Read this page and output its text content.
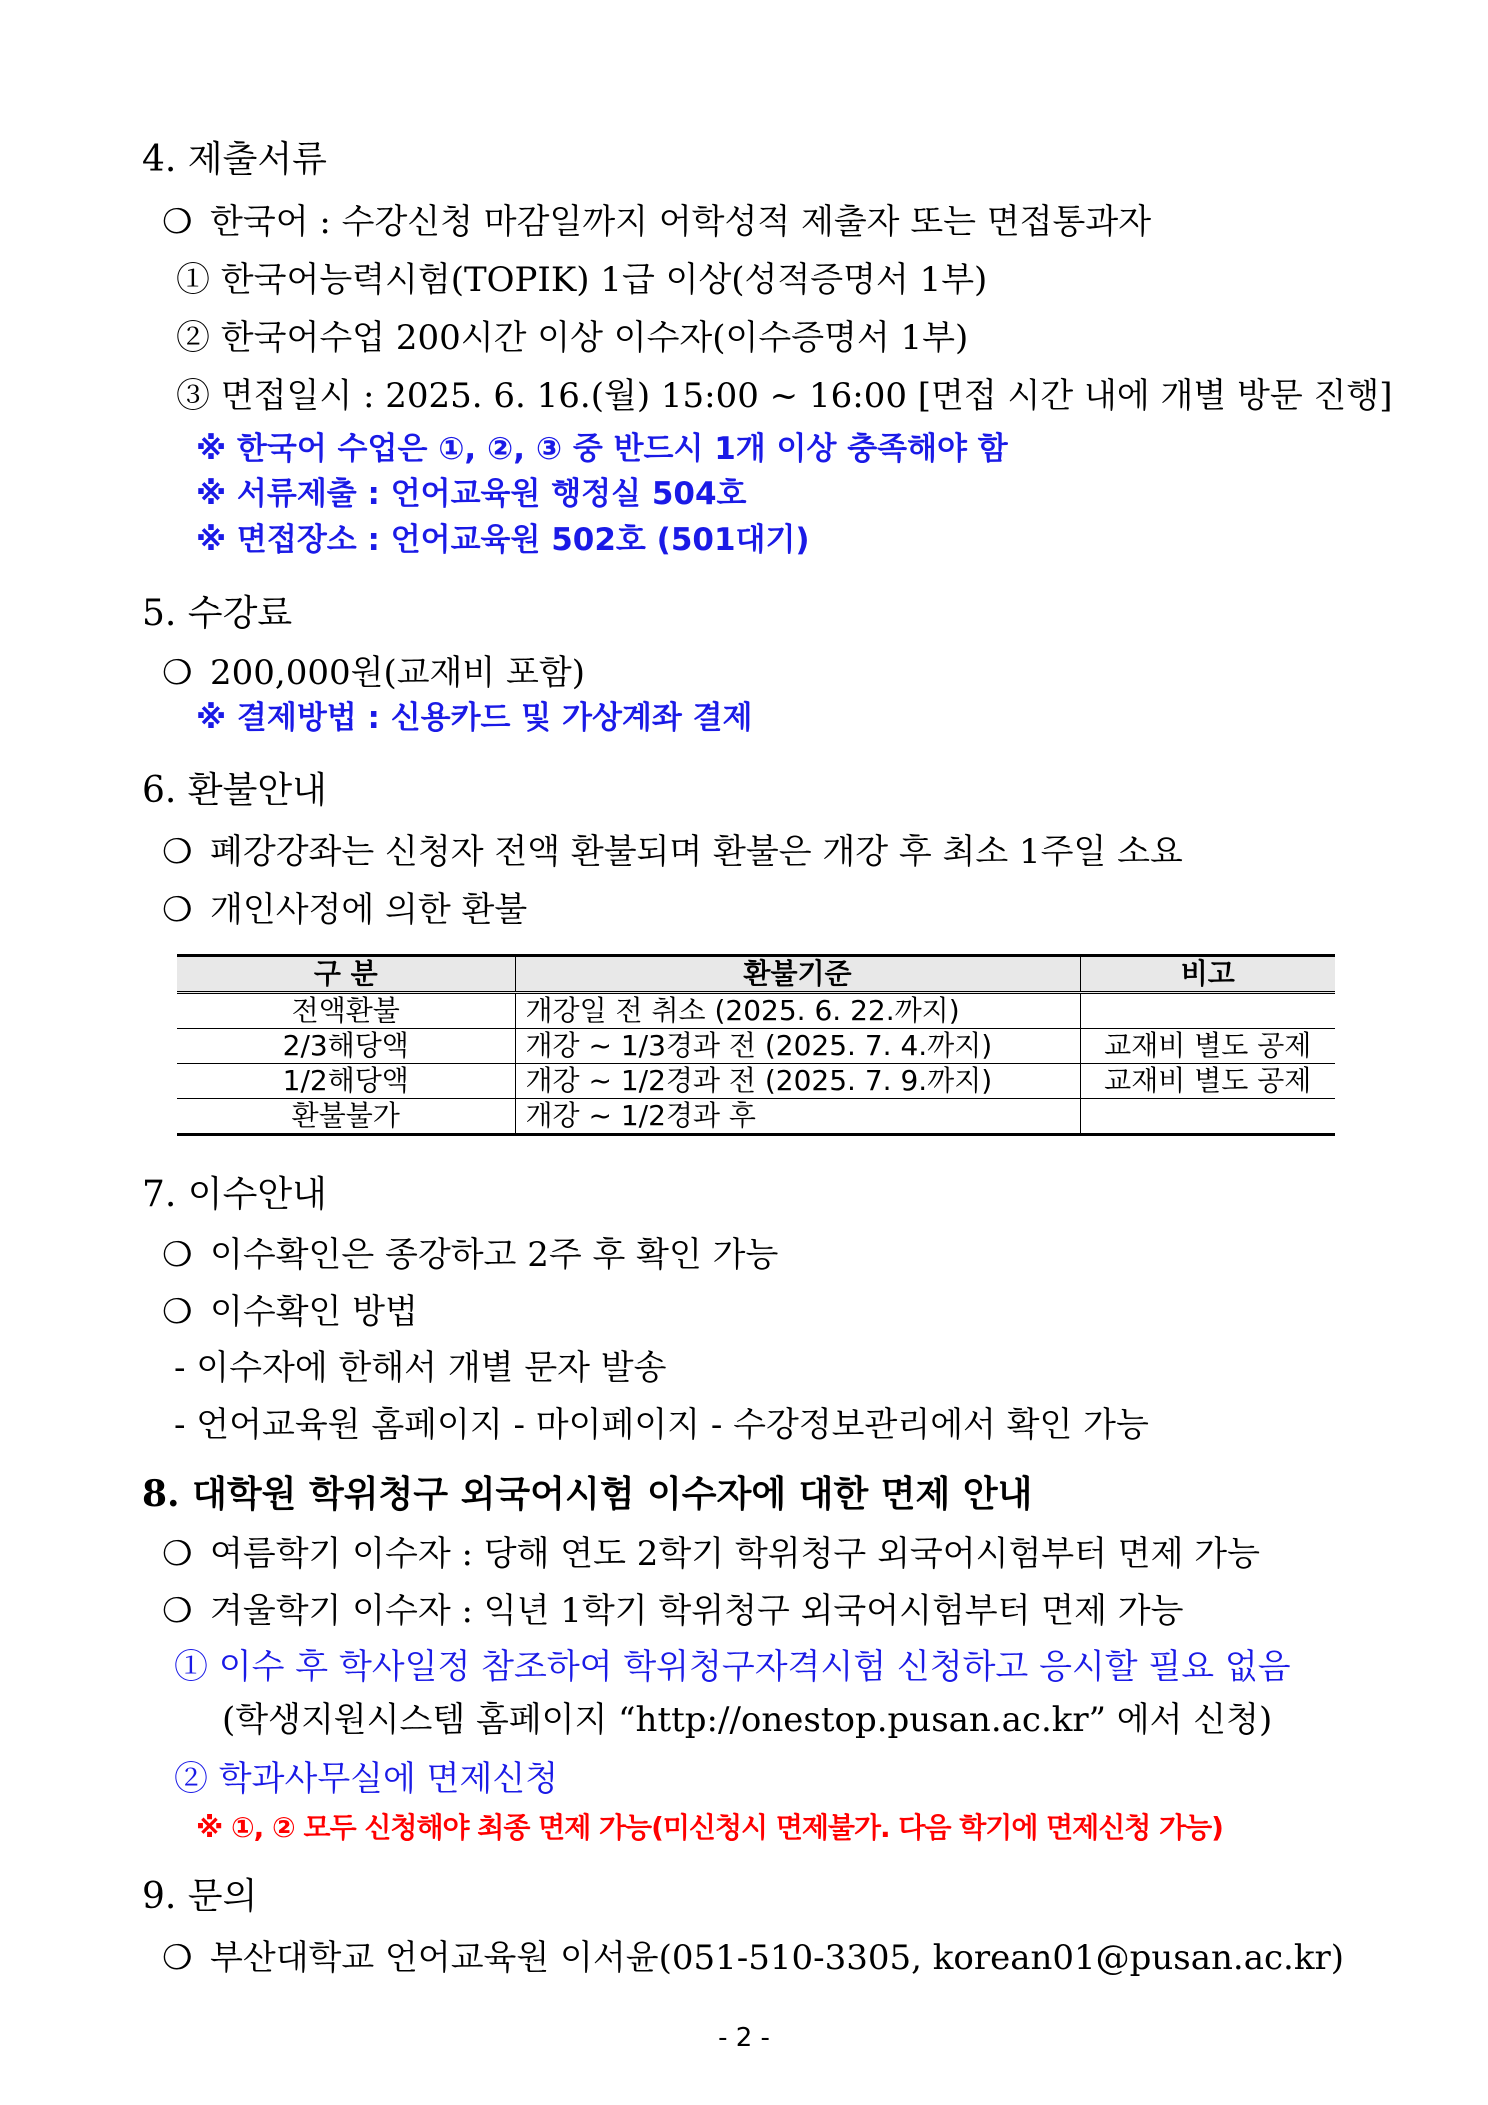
4. 제출서류
❍ 한국어 : 수강신청 마감일까지 어학성적 제출자 또는 면접통과자
① 한국어능력시험(TOPIK) 1급 이상(성적증명서 1부)
② 한국어수업 200시간 이상 이수자(이수증명서 1부)
③ 면접일시 : 2025. 6. 16.(월) 15:00 ~ 16:00 [면접 시간 내에 개별 방문 진행]
※ 한국어 수업은 ①, ②, ③ 중 반드시 1개 이상 충족해야 함
※ 서류제출 : 언어교육원 행정실 504호
※ 면접장소 : 언어교육원 502호 (501대기)
5. 수강료
❍ 200,000원(교재비 포함)
※ 결제방법 : 신용카드 및 가상계좌 결제
6. 환불안내
❍ 폐강강좌는 신청자 전액 환불되며 환불은 개강 후 최소 1주일 소요
❍ 개인사정에 의한 환불
구 분	환불기준	비고
전액환불	개강일 전 취소 (2025. 6. 22.까지)	
2/3해당액	개강 ~ 1/3경과 전 (2025. 7. 4.까지)	교재비 별도 공제
1/2해당액	개강 ~ 1/2경과 전 (2025. 7. 9.까지)	교재비 별도 공제
환불불가	개강 ~ 1/2경과 후	
7. 이수안내
❍ 이수확인은 종강하고 2주 후 확인 가능
❍ 이수확인 방법
- 이수자에 한해서 개별 문자 발송
- 언어교육원 홈페이지 - 마이페이지 - 수강정보관리에서 확인 가능
8. 대학원 학위청구 외국어시험 이수자에 대한 면제 안내
❍ 여름학기 이수자 : 당해 연도 2학기 학위청구 외국어시험부터 면제 가능
❍ 겨울학기 이수자 : 익년 1학기 학위청구 외국어시험부터 면제 가능
① 이수 후 학사일정 참조하여 학위청구자격시험 신청하고 응시할 필요 없음
(학생지원시스템 홈페이지 “http://onestop.pusan.ac.kr” 에서 신청)
② 학과사무실에 면제신청
※ ①, ② 모두 신청해야 최종 면제 가능(미신청시 면제불가. 다음 학기에 면제신청 가능)
9. 문의
❍ 부산대학교 언어교육원 이서윤(051-510-3305, korean01@pusan.ac.kr)
- 2 -
